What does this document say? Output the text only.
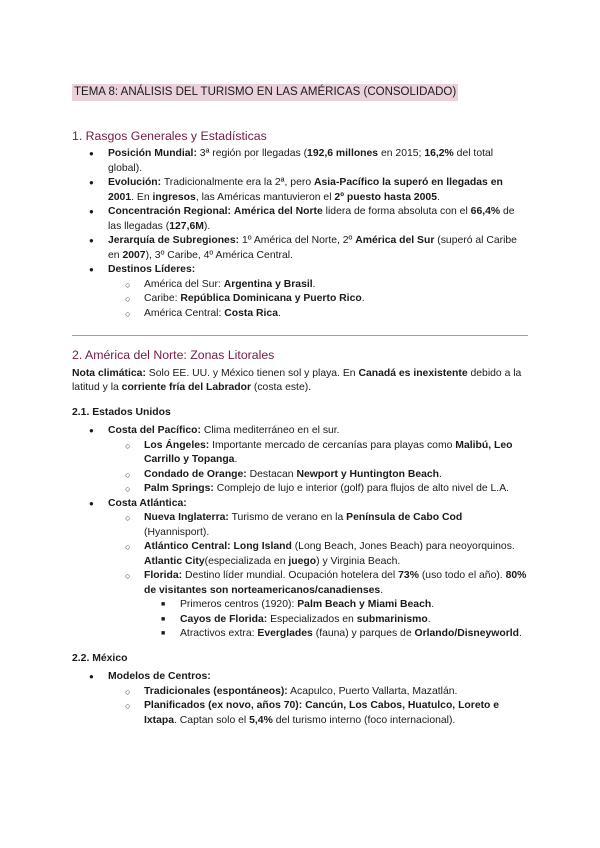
TEMA 8: ANÁLISIS DEL TURISMO EN LAS AMÉRICAS (CONSOLIDADO)
1. Rasgos Generales y Estadísticas
● Posición Mundial: 3ª región por llegadas (192,6 millones en 2015; 16,2% del total global).
● Evolución: Tradicionalmente era la 2ª, pero Asia-Pacífico la superó en llegadas en 2001. En ingresos, las Américas mantuvieron el 2º puesto hasta 2005.
● Concentración Regional: América del Norte lidera de forma absoluta con el 66,4% de las llegadas (127,6M).
● Jerarquía de Subregiones: 1º América del Norte, 2º América del Sur (superó al Caribe en 2007), 3º Caribe, 4º América Central.
● Destinos Líderes:
○ América del Sur: Argentina y Brasil.
○ Caribe: República Dominicana y Puerto Rico.
○ América Central: Costa Rica.
2. América del Norte: Zonas Litorales

Nota climática: Solo EE. UU. y México tienen sol y playa. En Canadá es inexistente debido a la latitud y la corriente fría del Labrador (costa este).

2.1. Estados Unidos
● Costa del Pacífico: Clima mediterráneo en el sur.
○ Los Ángeles: Importante mercado de cercanías para playas como Malibú, Leo Carrillo y Topanga.
○ Condado de Orange: Destacan Newport y Huntington Beach.
○ Palm Springs: Complejo de lujo e interior (golf) para flujos de alto nivel de L.A.
● Costa Atlántica:
○ Nueva Inglaterra: Turismo de verano en la Península de Cabo Cod (Hyannisport).
○ Atlántico Central: Long Island (Long Beach, Jones Beach) para neoyorquinos. Atlantic City(especializada en juego) y Virginia Beach.
○ Florida: Destino líder mundial. Ocupación hotelera del 73% (uso todo el año). 80% de visitantes son norteamericanos/canadienses.
■ Primeros centros (1920): Palm Beach y Miami Beach.
■ Cayos de Florida: Especializados en submarinismo.
■ Atractivos extra: Everglades (fauna) y parques de Orlando/Disneyworld.
2.2. México
● Modelos de Centros:
○ Tradicionales (espontáneos): Acapulco, Puerto Vallarta, Mazatlán.
○ Planificados (ex novo, años 70): Cancún, Los Cabos, Huatulco, Loreto e Ixtapa. Captan solo el 5,4% del turismo interno (foco internacional).
